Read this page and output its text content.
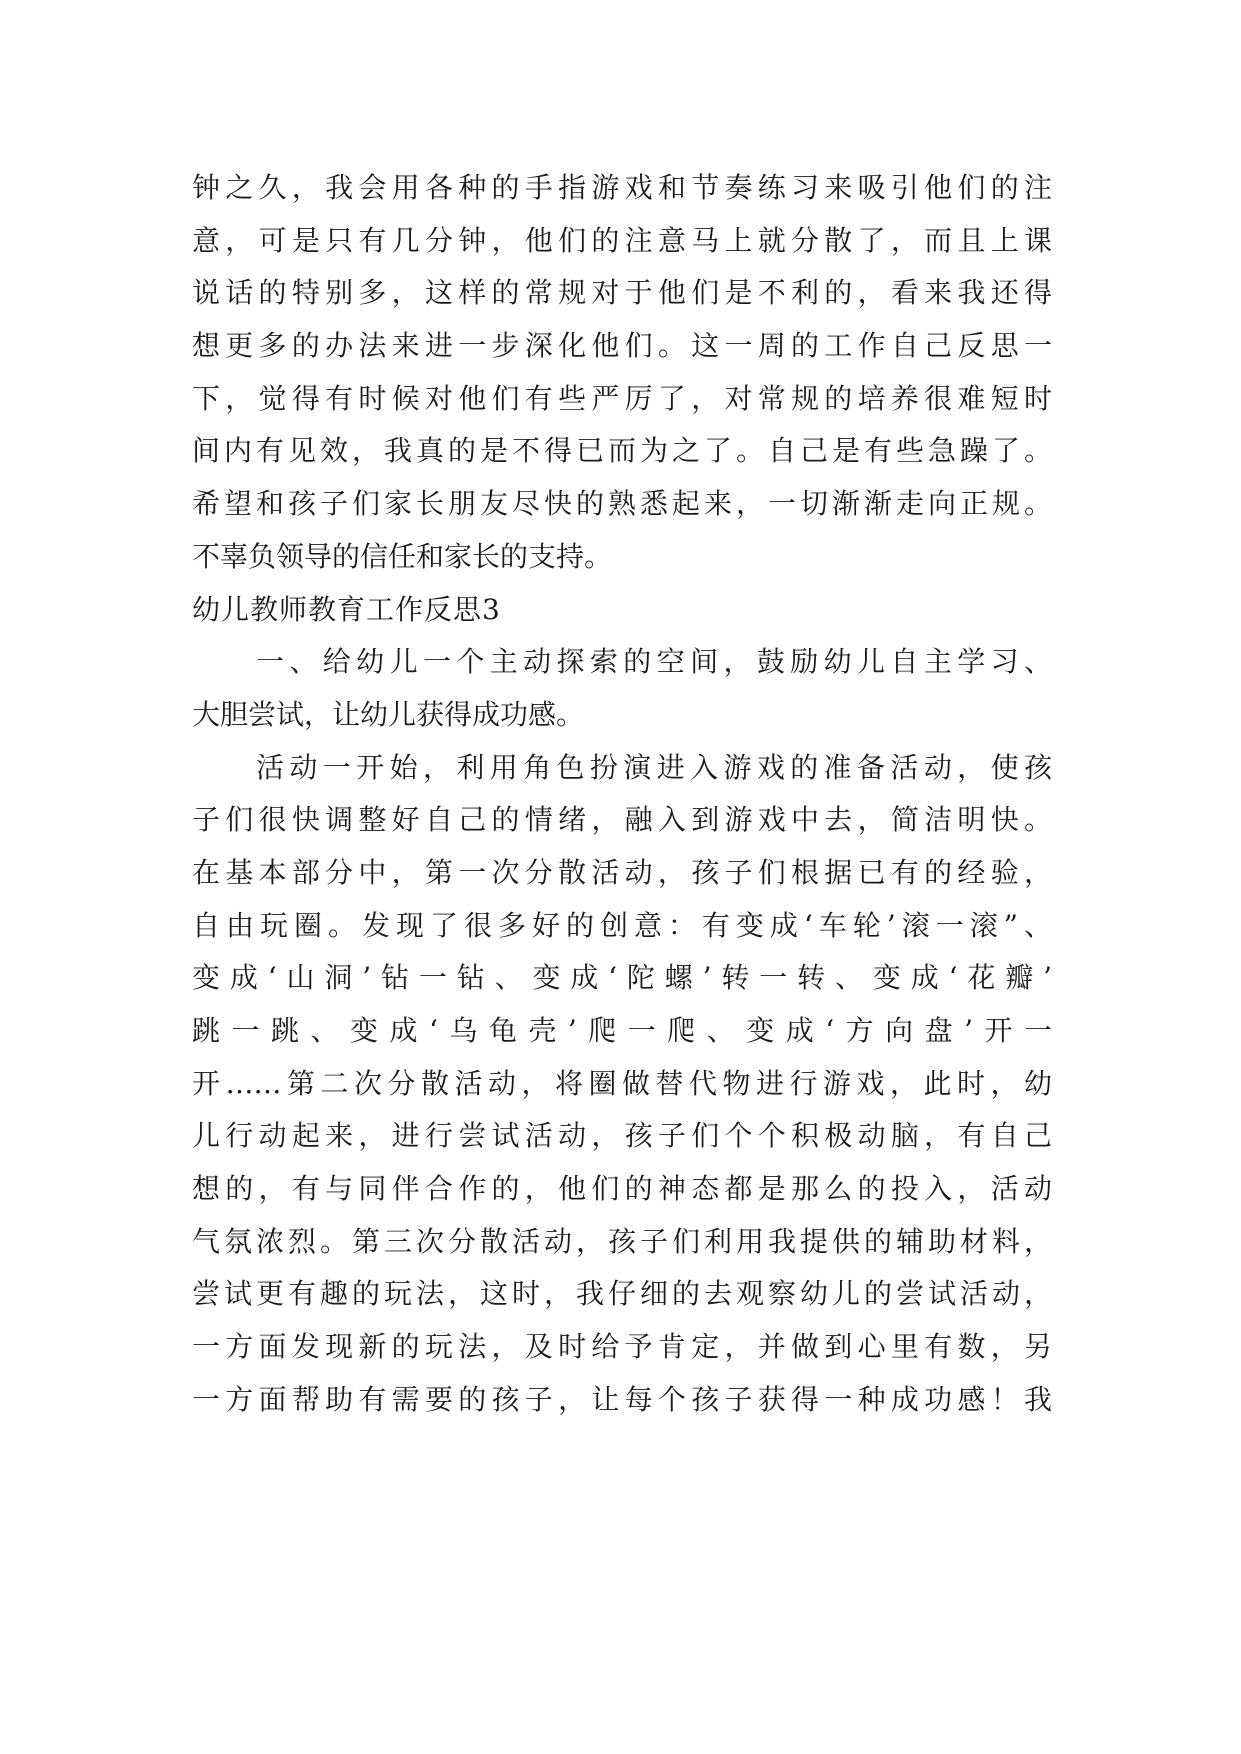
钟之久，我会用各种的手指游戏和节奏练习来吸引他们的注
意，可是只有几分钟，他们的注意马上就分散了，而且上课
说话的特别多，这样的常规对于他们是不利的，看来我还得
想更多的办法来进一步深化他们。这一周的工作自己反思一
下，觉得有时候对他们有些严厉了，对常规的培养很难短时
间内有见效，我真的是不得已而为之了。自己是有些急躁了。
希望和孩子们家长朋友尽快的熟悉起来，一切渐渐走向正规。
不辜负领导的信任和家长的支持。
幼儿教师教育工作反思3
一、给幼儿一个主动探索的空间，鼓励幼儿自主学习、
大胆尝试，让幼儿获得成功感。
活动一开始，利用角色扮演进入游戏的准备活动，使孩
子们很快调整好自己的情绪，融入到游戏中去，简洁明快。
在基本部分中，第一次分散活动，孩子们根据已有的经验，
自由玩圈。发现了很多好的创意：有变成‘车轮’滚一滚”、
变成‘山洞’钻一钻、变成‘陀螺’转一转、变成‘花瓣’
跳一跳、变成‘乌龟壳’爬一爬、变成‘方向盘’开一
开……第二次分散活动，将圈做替代物进行游戏，此时，幼
儿行动起来，进行尝试活动，孩子们个个积极动脑，有自己
想的，有与同伴合作的，他们的神态都是那么的投入，活动
气氛浓烈。第三次分散活动，孩子们利用我提供的辅助材料，
尝试更有趣的玩法，这时，我仔细的去观察幼儿的尝试活动，
一方面发现新的玩法，及时给予肯定，并做到心里有数，另
一方面帮助有需要的孩子，让每个孩子获得一种成功感！我
